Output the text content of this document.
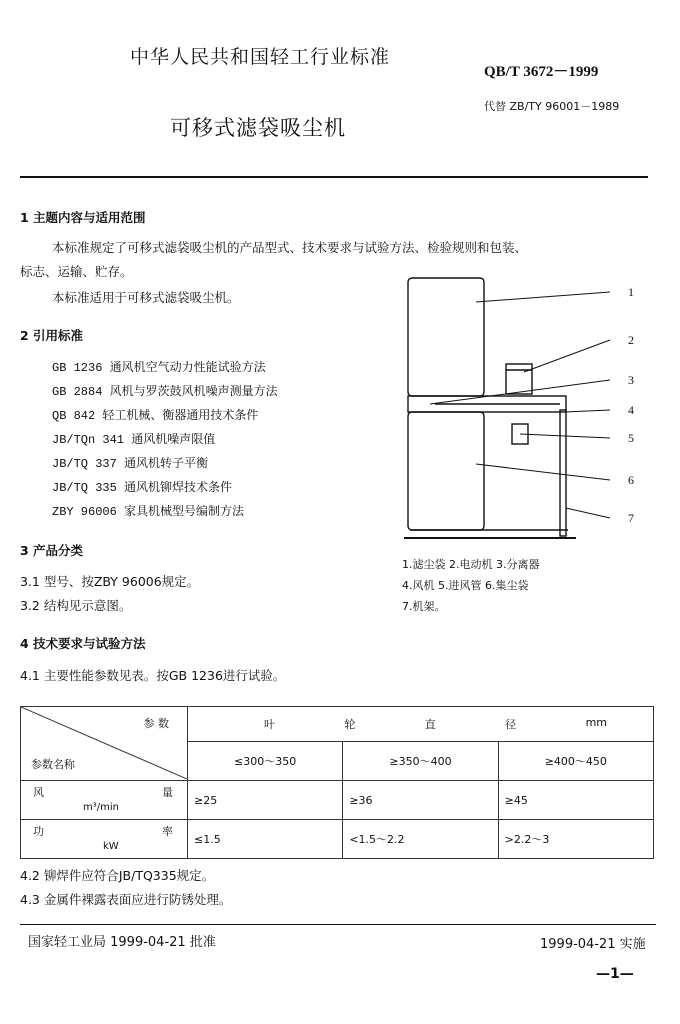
中华人民共和国轻工行业标准
QB/T 3672－1999
代替 ZB/TY 96001－1989
可移式滤袋吸尘机
1 主题内容与适用范围
本标准规定了可移式滤袋吸尘机的产品型式、技术要求与试验方法、检验规则和包装、
标志、运输、贮存。
本标准适用于可移式滤袋吸尘机。
2 引用标准
GB 1236 通风机空气动力性能试验方法
GB 2884 风机与罗茨鼓风机噪声测量方法
QB 842 轻工机械、衡器通用技术条件
JB/TQn 341 通风机噪声限值
JB/TQ 337 通风机转子平衡
JB/TQ 335 通风机铆焊技术条件
ZBY 96006 家具机械型号编制方法
3 产品分类
3.1 型号、按ZBY 96006规定。
3.2 结构见示意图。
4 技术要求与试验方法
4.1 主要性能参数见表。按GB 1236进行试验。
1
2
3
4
5
6
7
1.滤尘袋 2.电动机 3.分离器
4.风机 5.进风管 6.集尘袋
7.机架。
参 数
参数名称	叶 轮 直 径 mm		

	≤300～350	≥350～400	≥400～450

风 量
m³/min	≥25	≥36	≥45

功 率
kW	≤1.5	<1.5～2.2	>2.2～3
4.2 铆焊件应符合JB/TQ335规定。
4.3 金属件裸露表面应进行防锈处理。
国家轻工业局 1999-04-21 批准	1999-04-21 实施
—1—
